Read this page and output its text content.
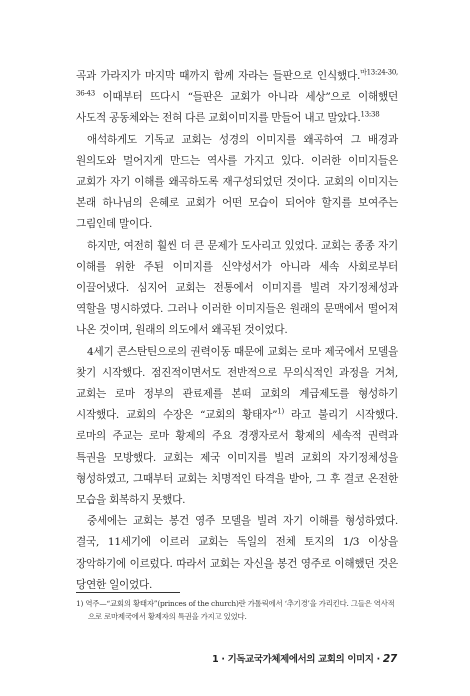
곡과 가라지가 마지막 때까지 함께 자라는 들판으로 인식했다.$^{마13:24-30, 36-43}$ 이때부터 뜨다시 “들판은 교회가 아니라 세상”으로 이해했던 사도적 공동체와는 전혀 다른 교회이미지를 만들어 내고 말았다.$^{13:38}$

애석하게도 기독교 교회는 성경의 이미지를 왜곡하여 그 배경과 원의도와 멀어지게 만드는 역사를 가지고 있다. 이러한 이미지들은 교회가 자기 이해를 왜곡하도록 재구성되었던 것이다. 교회의 이미지는 본래 하나님의 은혜로 교회가 어떤 모습이 되어야 할지를 보여주는 그림인데 말이다.

하지만, 여전히 훨씬 더 큰 문제가 도사리고 있었다. 교회는 종종 자기 이해를 위한 주된 이미지를 신약성서가 아니라 세속 사회로부터 이끌어냈다. 심지어 교회는 전통에서 이미지를 빌려 자기정체성과 역할을 명시하였다. 그러나 이러한 이미지들은 원래의 문맥에서 떨어져 나온 것이며, 원래의 의도에서 왜곡된 것이었다.

4세기 콘스탄틴으로의 권력이동 때문에 교회는 로마 제국에서 모델을 찾기 시작했다. 점진적이면서도 전반적으로 무의식적인 과정을 거쳐, 교회는 로마 정부의 관료제를 본떠 교회의 계급제도를 형성하기 시작했다. 교회의 수장은 “교회의 황태자”$^{1)}$ 라고 불리기 시작했다. 로마의 주교는 로마 황제의 주요 경쟁자로서 황제의 세속적 권력과 특권을 모방했다. 교회는 제국 이미지를 빌려 교회의 자기정체성을 형성하였고, 그때부터 교회는 치명적인 타격을 받아, 그 후 결코 온전한 모습을 회복하지 못했다.

중세에는 교회는 봉건 영주 모델을 빌려 자기 이해를 형성하였다. 결국, 11세기에 이르러 교회는 독일의 전체 토지의 1/3 이상을 장악하기에 이르렀다. 따라서 교회는 자신을 봉건 영주로 이해했던 것은 당연한 일이었다.

1) 역주—“교회의 황태자”(princes of the church)란 가톨릭에서 ‘추기경’을 가리킨다. 그들은 역사적으로 로마제국에서 황제자의 특권을 가지고 있었다.
1 · 기독교국가체제에서의 교회의 이미지 · 27
